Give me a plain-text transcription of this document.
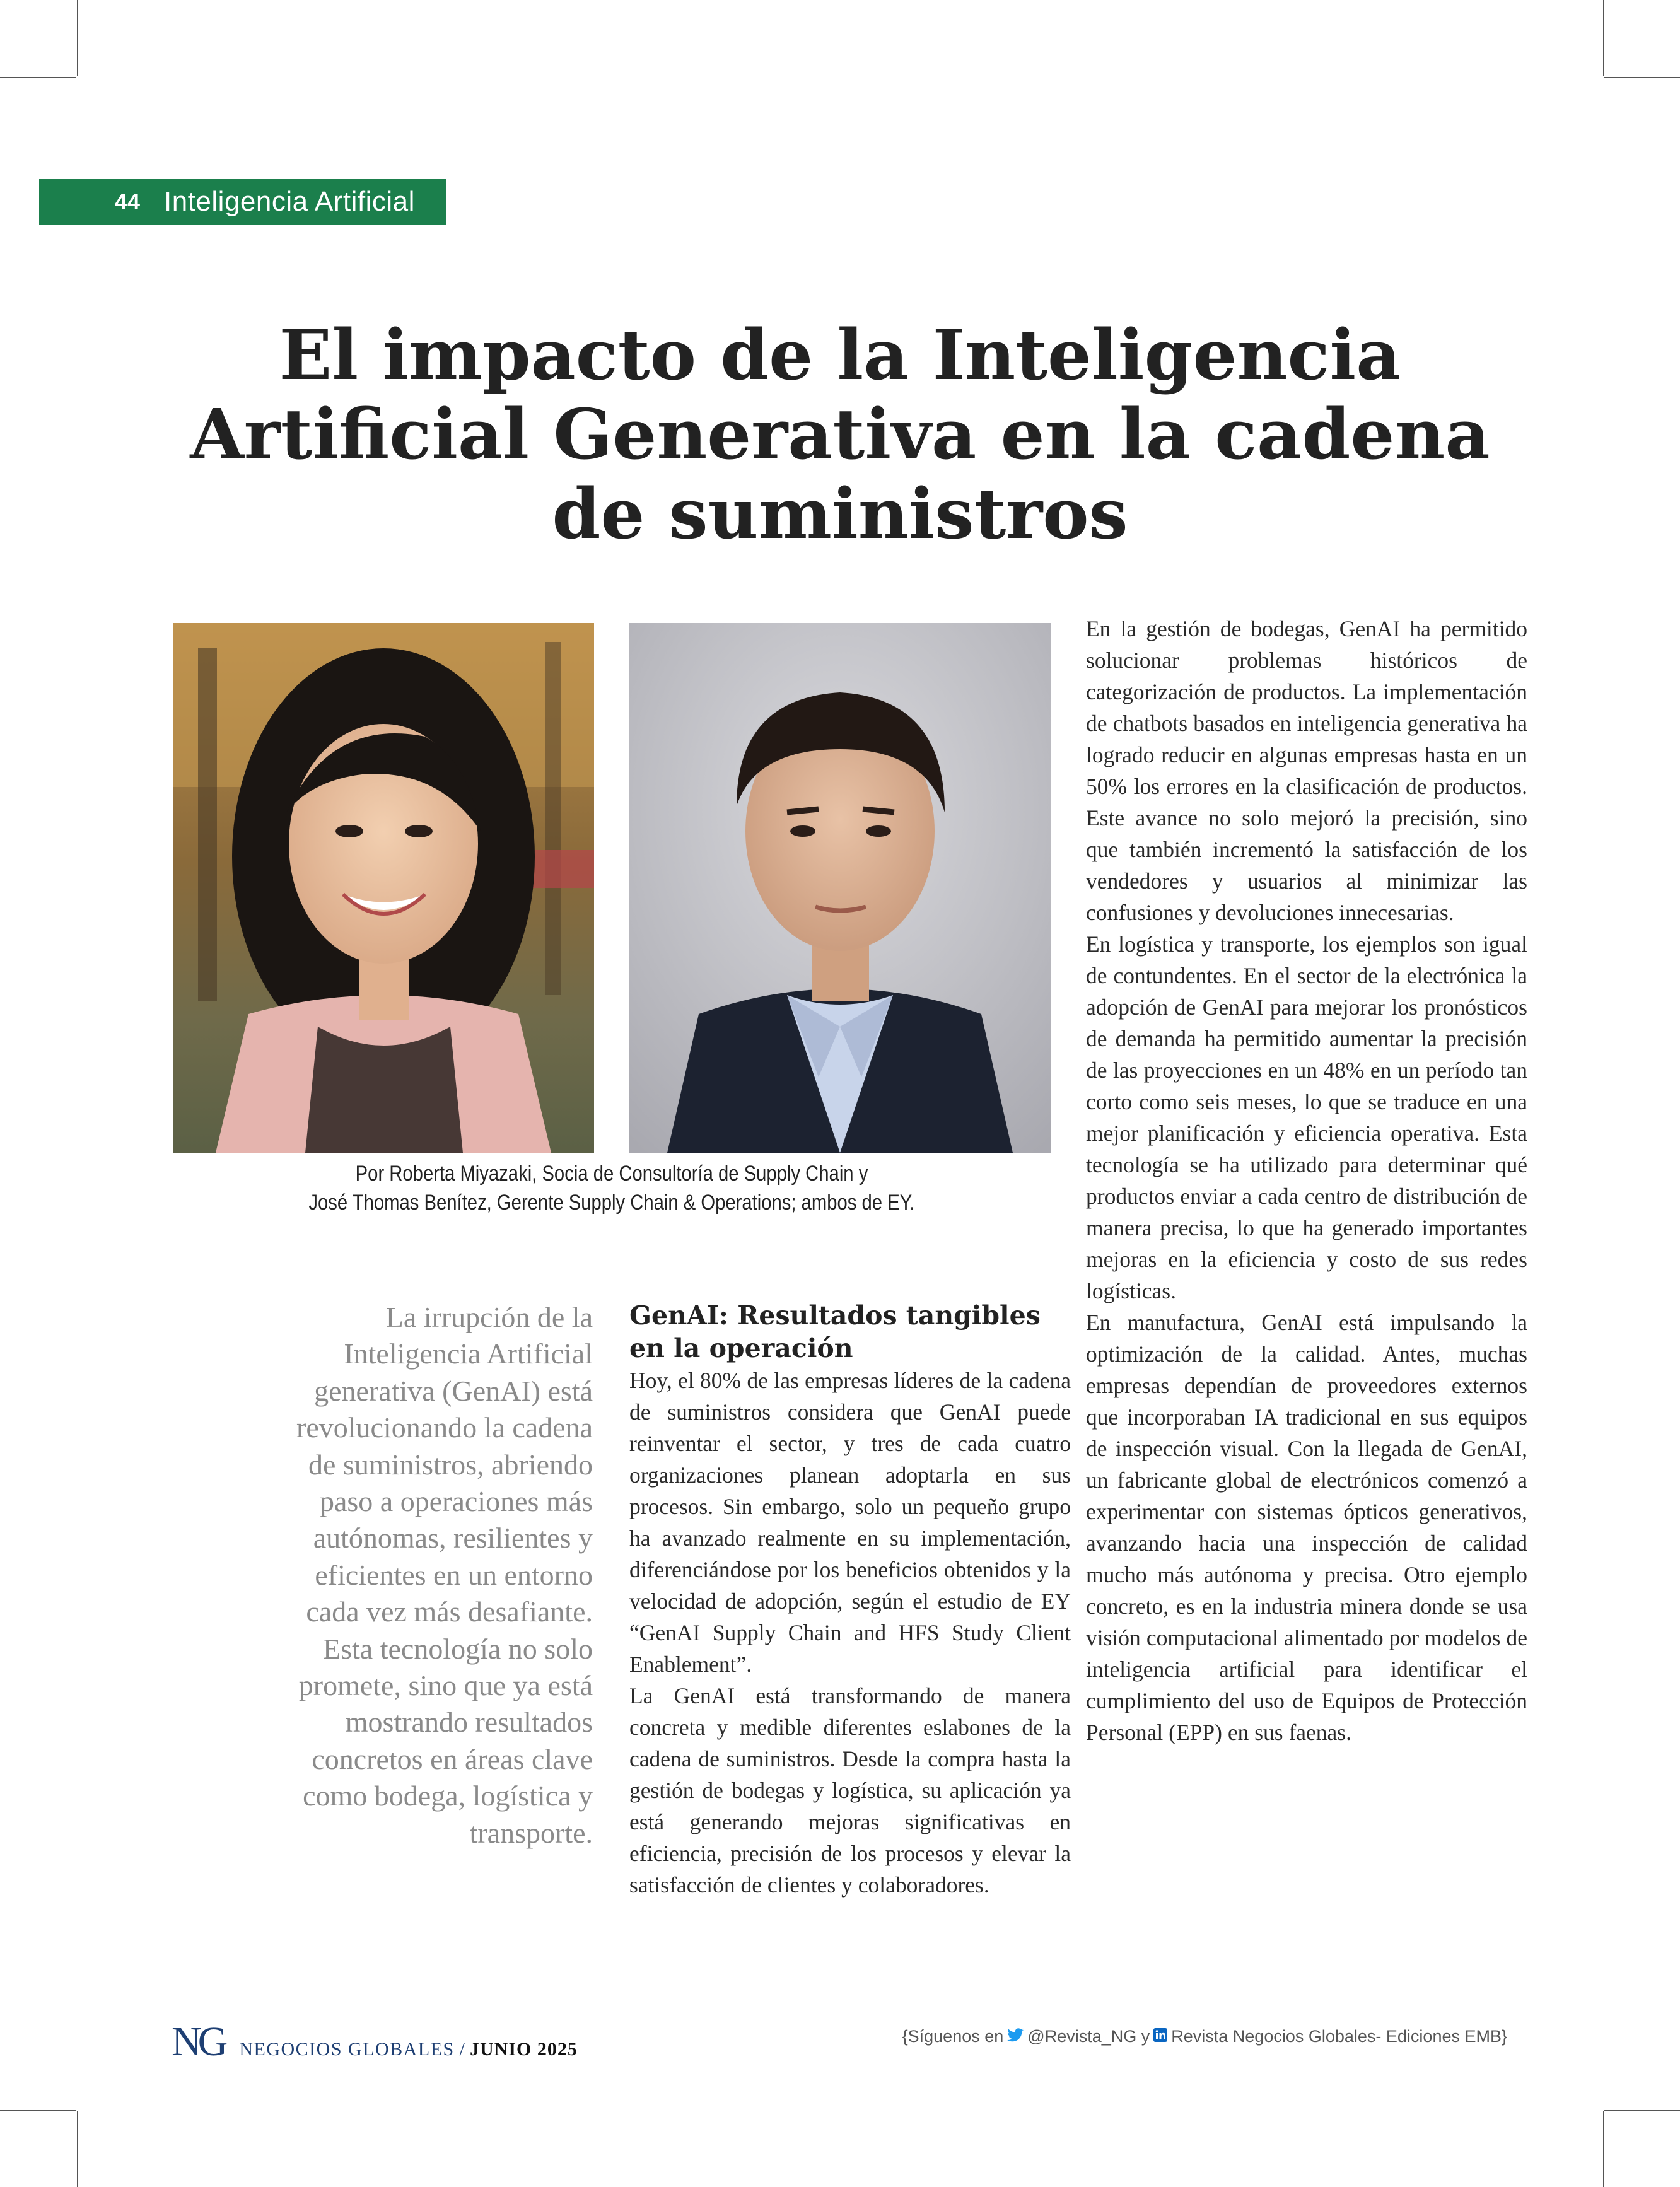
44 Inteligencia Artificial
El impacto de la Inteligencia Artificial Generativa en la cadena de suministros
Por Roberta Miyazaki, Socia de Consultoría de Supply Chain y
José Thomas Benítez, Gerente Supply Chain & Operations; ambos de EY.

La irrupción de la Inteligencia Artificial generativa (GenAI) está revolucionando la cadena de suministros, abriendo paso a operaciones más autónomas, resilientes y eficientes en un entorno cada vez más desafiante. Esta tecnología no solo promete, sino que ya está mostrando resultados concretos en áreas clave como bodega, logística y transporte.

GenAI: Resultados tangibles en la operación

Hoy, el 80% de las empresas líderes de la cadena de suministros considera que GenAI puede reinventar el sector, y tres de cada cuatro organizaciones planean adoptarla en sus procesos. Sin embargo, solo un pequeño grupo ha avanzado realmente en su implementación, diferenciándose por los beneficios obtenidos y la velocidad de adopción, según el estudio de EY “GenAI Supply Chain and HFS Study Client Enablement”.

La GenAI está transformando de manera concreta y medible diferentes eslabones de la cadena de suministros. Desde la compra hasta la gestión de bodegas y logística, su aplicación ya está generando mejoras significativas en eficiencia, precisión de los procesos y elevar la satisfacción de clientes y colaboradores.

En la gestión de bodegas, GenAI ha permitido solucionar problemas históricos de categorización de productos. La implementación de chatbots basados en inteligencia generativa ha logrado reducir en algunas empresas hasta en un 50% los errores en la clasificación de productos. Este avance no solo mejoró la precisión, sino que también incrementó la satisfacción de los vendedores y usuarios al minimizar las confusiones y devoluciones innecesarias.

En logística y transporte, los ejemplos son igual de contundentes. En el sector de la electrónica la adopción de GenAI para mejorar los pronósticos de demanda ha permitido aumentar la precisión de las proyecciones en un 48% en un período tan corto como seis meses, lo que se traduce en una mejor planificación y eficiencia operativa. Esta tecnología se ha utilizado para determinar qué productos enviar a cada centro de distribución de manera precisa, lo que ha generado importantes mejoras en la eficiencia y costo de sus redes logísticas.

En manufactura, GenAI está impulsando la optimización de la calidad. Antes, muchas empresas dependían de proveedores externos que incorporaban IA tradicional en sus equipos de inspección visual. Con la llegada de GenAI, un fabricante global de electrónicos comenzó a experimentar con sistemas ópticos generativos, avanzando hacia una inspección de calidad mucho más autónoma y precisa. Otro ejemplo concreto, es en la industria minera donde se usa visión computacional alimentado por modelos de inteligencia artificial para identificar el cumplimiento del uso de Equipos de Protección Personal (EPP) en sus faenas.

NG NEGOCIOS GLOBALES / JUNIO 2025
{Síguenos en @Revista_NG y Revista Negocios Globales- Ediciones EMB}
